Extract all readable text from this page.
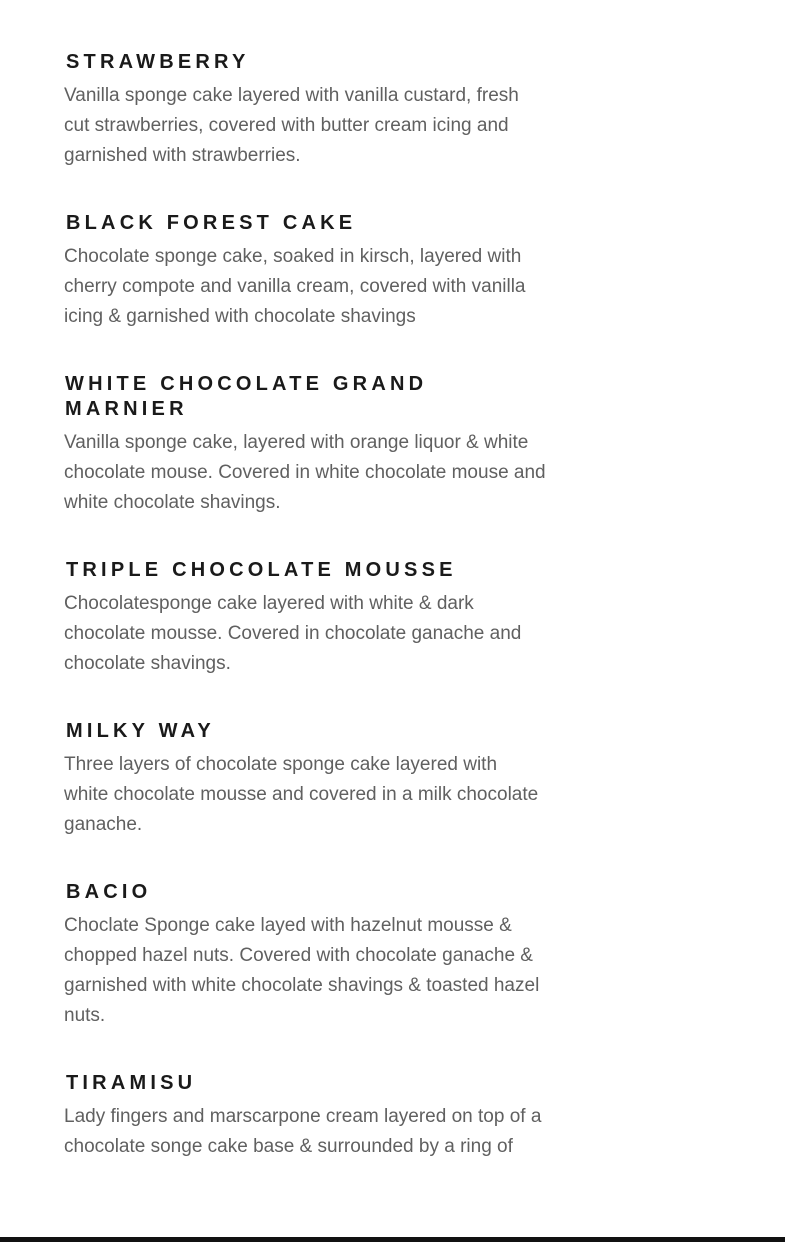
STRAWBERRY

Vanilla sponge cake layered with vanilla custard, fresh cut strawberries, covered with butter cream icing and garnished with strawberries.

BLACK FOREST CAKE

Chocolate sponge cake, soaked in kirsch, layered with cherry compote and vanilla cream, covered with vanilla icing & garnished with chocolate shavings

WHITE CHOCOLATE GRAND MARNIER

Vanilla sponge cake, layered with orange liquor & white chocolate mouse. Covered in white chocolate mouse and white chocolate shavings.

TRIPLE CHOCOLATE MOUSSE

Chocolatesponge cake layered with white & dark chocolate mousse. Covered in chocolate ganache and chocolate shavings.

MILKY WAY

Three layers of chocolate sponge cake layered with white chocolate mousse and covered in a milk chocolate ganache.

BACIO

Choclate Sponge cake layed with hazelnut mousse & chopped hazel nuts. Covered with chocolate ganache & garnished with white chocolate shavings & toasted hazel nuts.

TIRAMISU

Lady fingers and marscarpone cream layered on top of a chocolate songe cake base & surrounded by a ring of
